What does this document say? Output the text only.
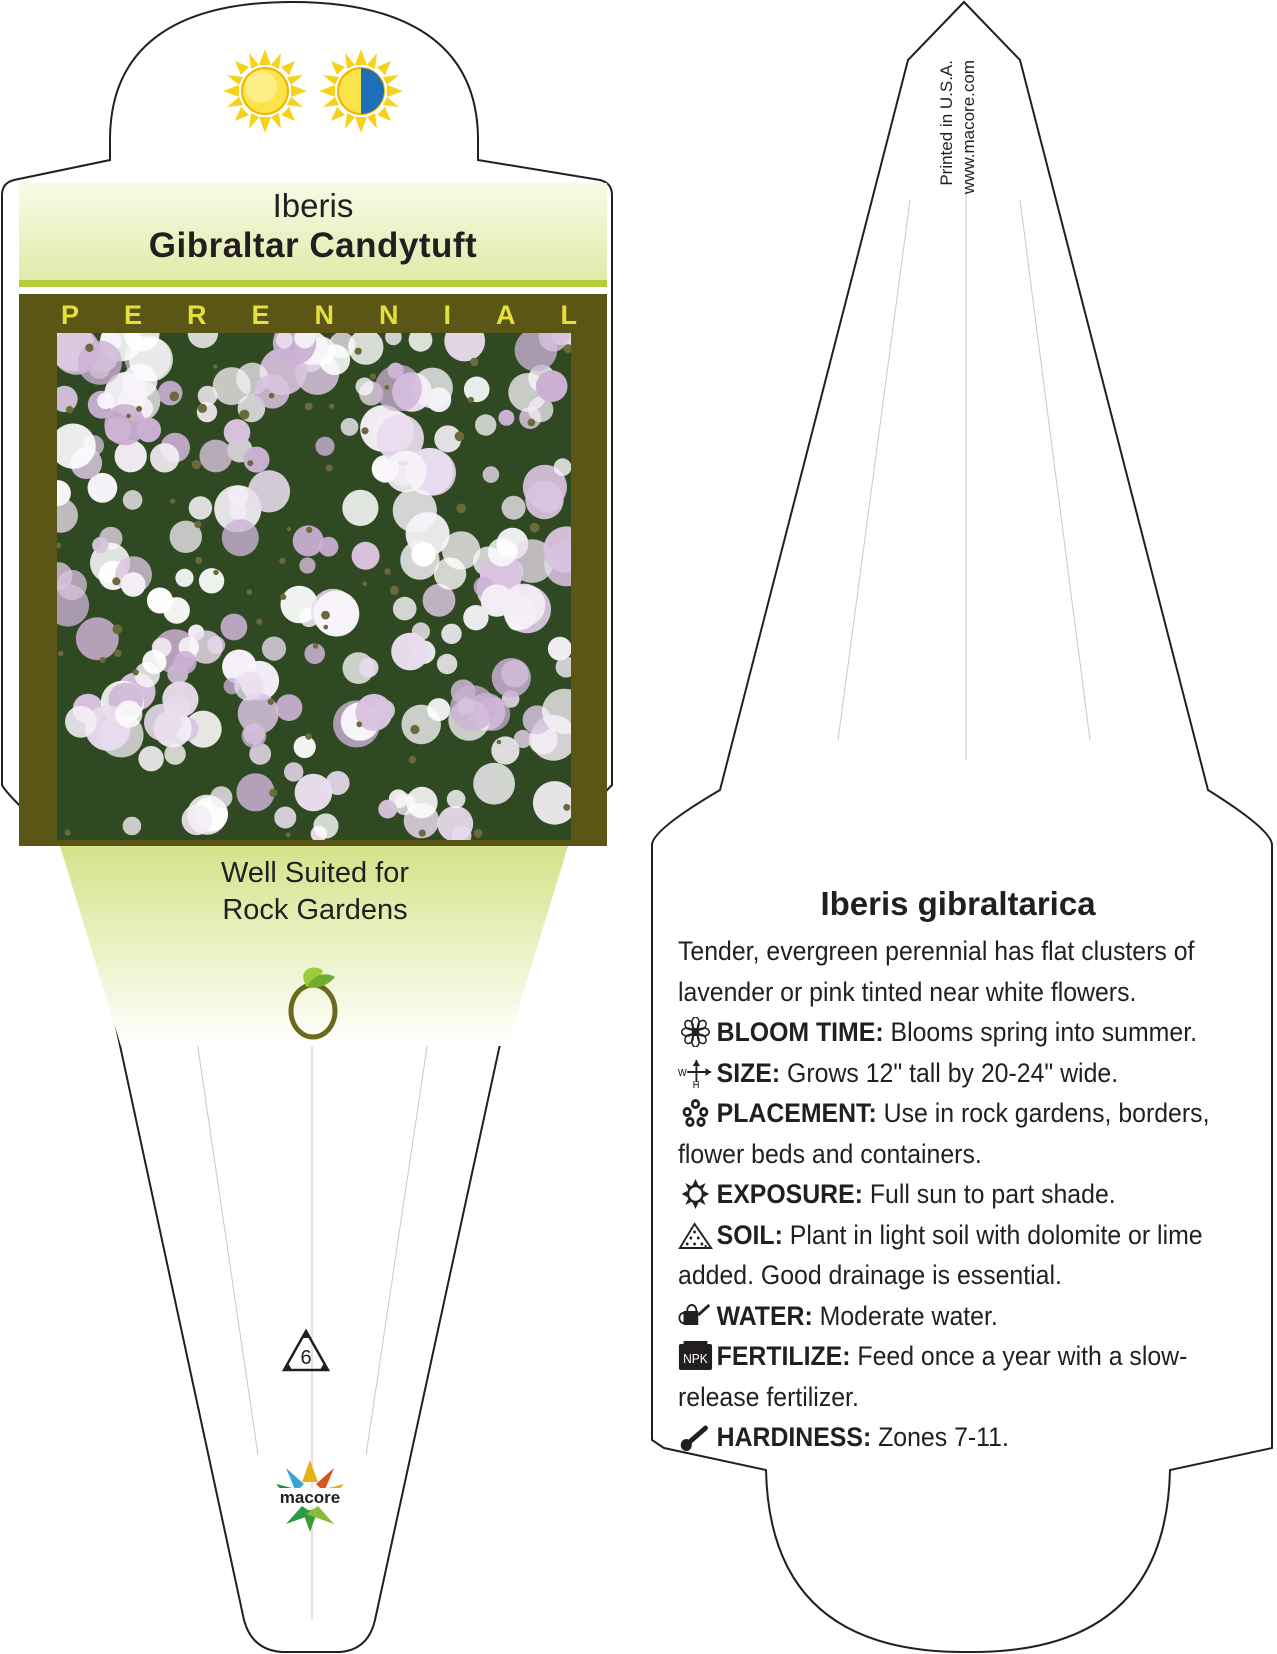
Iberis
Gibraltar Candytuft
P E R E N N I A L
Well Suited for
Rock Gardens
6
macore
Printed in U.S.A. www.macore.com
Iberis gibraltarica

Tender, evergreen perennial has flat clusters of lavender or pink tinted near white flowers.

BLOOM TIME: Blooms spring into summer.

W
H SIZE: Grows 12" tall by 20-24" wide.

PLACEMENT: Use in rock gardens, borders, flower beds and containers.

EXPOSURE: Full sun to part shade.

SOIL: Plant in light soil with dolomite or lime added. Good drainage is essential.

WATER: Moderate water.

NPK FERTILIZE: Feed once a year with a slow-release fertilizer.

HARDINESS: Zones 7-11.
